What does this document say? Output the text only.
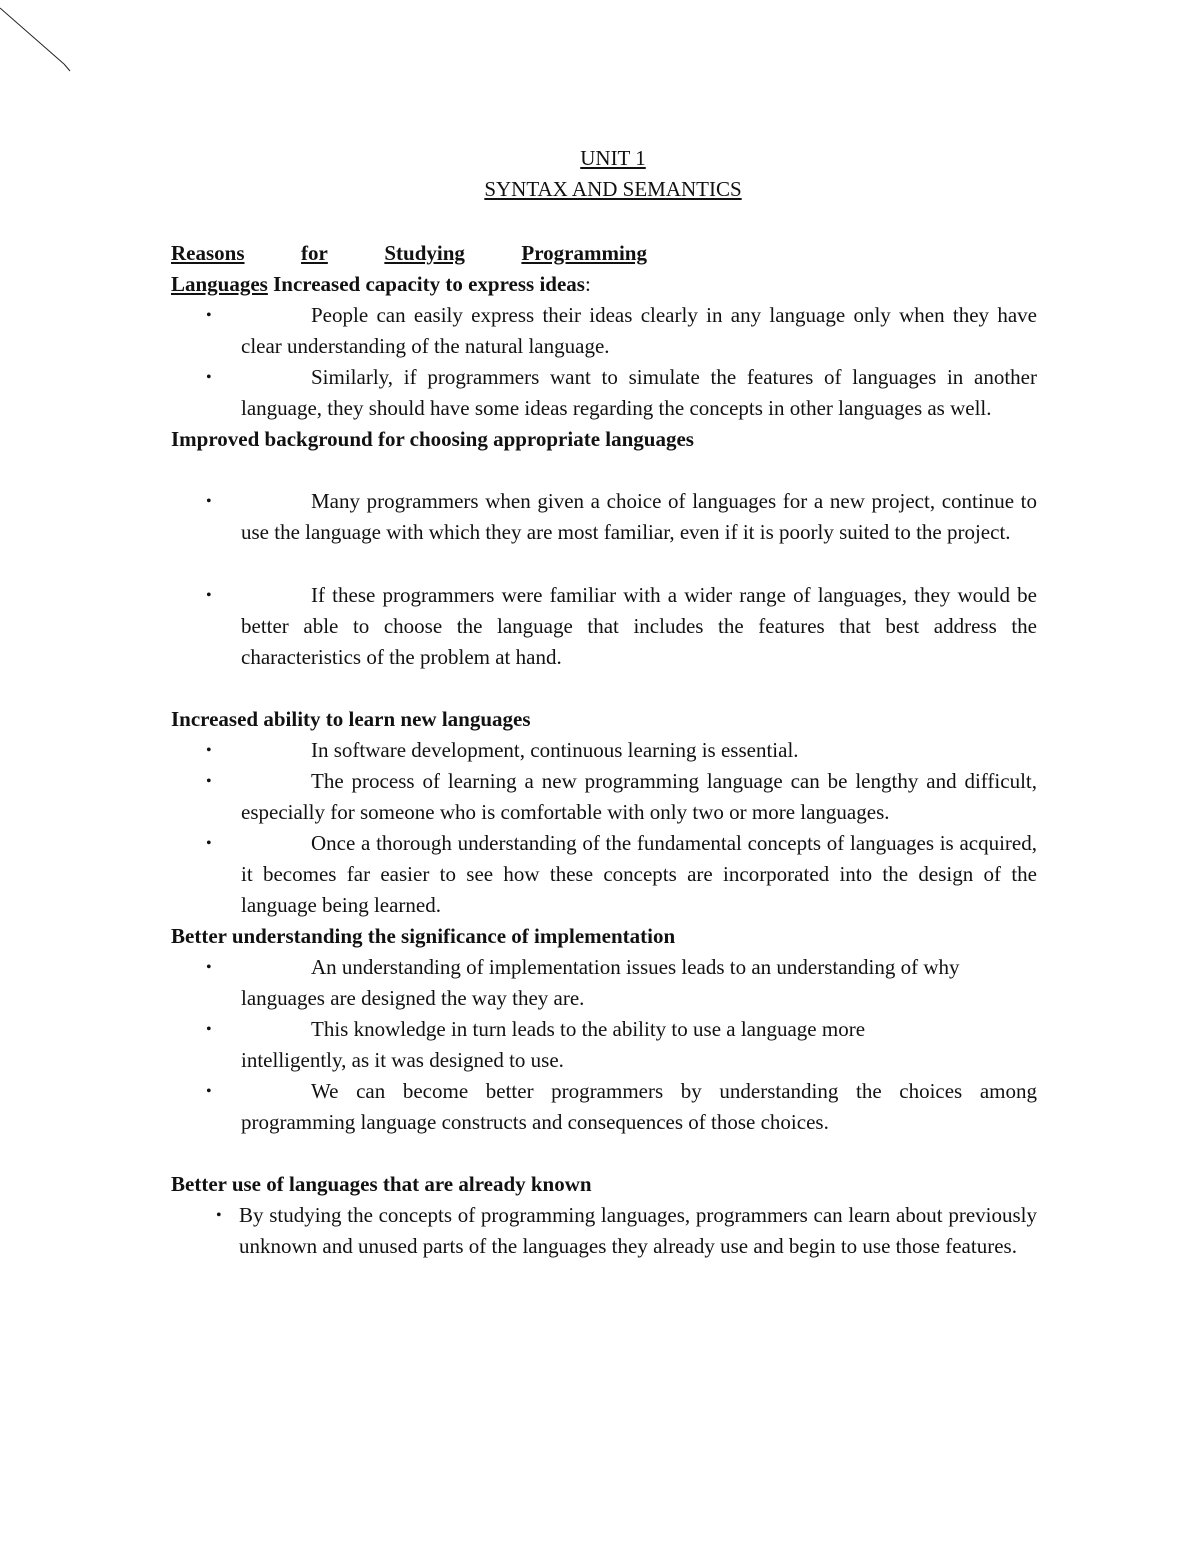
UNIT 1
SYNTAX AND SEMANTICS
Reasons	for	Studying	Programming
Languages Increased capacity to express ideas:
•	People can easily express their ideas clearly in any language only when they have clear understanding of the natural language.
•	Similarly, if programmers want to simulate the features of languages in another language, they should have some ideas regarding the concepts in other languages as well.
Improved background for choosing appropriate languages
•	Many programmers when given a choice of languages for a new project, continue to use the language with which they are most familiar, even if it is poorly suited to the project.
•	If these programmers were familiar with a wider range of languages, they would be better able to choose the language that includes the features that best address the characteristics of the problem at hand.
Increased ability to learn new languages
•	In software development, continuous learning is essential.
•	The process of learning a new programming language can be lengthy and difficult, especially for someone who is comfortable with only two or more languages.
•	Once a thorough understanding of the fundamental concepts of languages is acquired, it becomes far easier to see how these concepts are incorporated into the design of the language being learned.
Better understanding the significance of implementation
•	An understanding of implementation issues leads to an understanding of why languages are designed the way they are.
•	This knowledge in turn leads to the ability to use a language more intelligently, as it was designed to use.
•	We can become better programmers by understanding the choices among programming language constructs and consequences of those choices.
Better use of languages that are already known
• By studying the concepts of programming languages, programmers can learn about previously unknown and unused parts of the languages they already use and begin to use those features.
